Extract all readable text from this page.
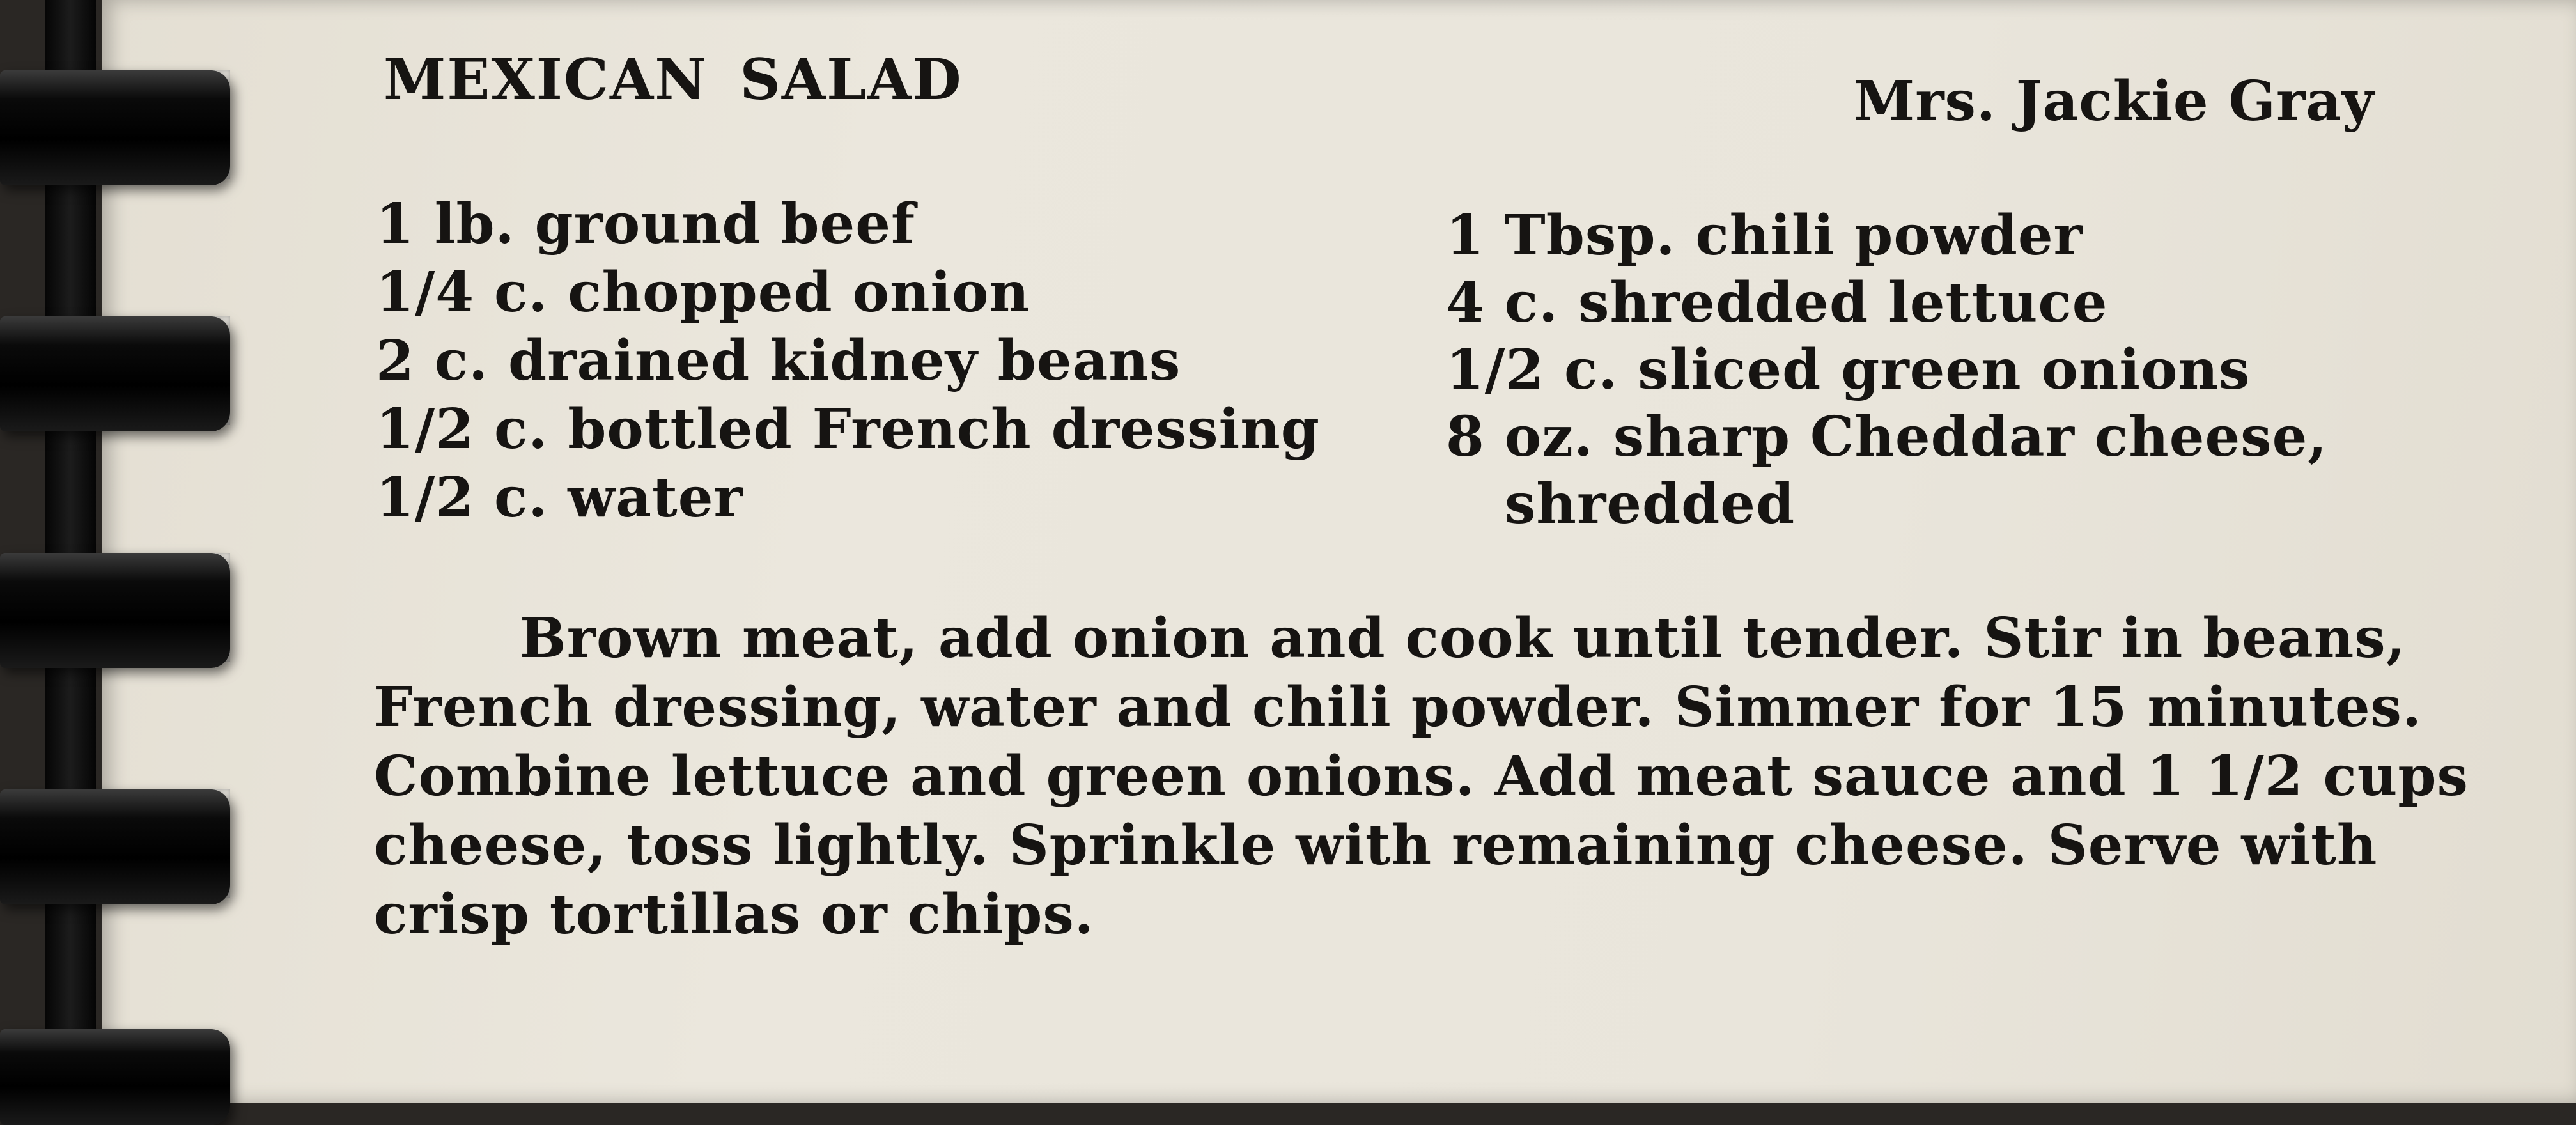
MEXICAN SALAD	Mrs. Jackie Gray
1 lb. ground beef
1/4 c. chopped onion
2 c. drained kidney beans
1/2 c. bottled French dressing
1/2 c. water
1 Tbsp. chili powder
4 c. shredded lettuce
1/2 c. sliced green onions
8 oz. sharp Cheddar cheese,
shredded
Brown meat, add onion and cook until tender. Stir in beans,
French dressing, water and chili powder. Simmer for 15 minutes.
Combine lettuce and green onions. Add meat sauce and 1 1/2 cups
cheese, toss lightly. Sprinkle with remaining cheese. Serve with
crisp tortillas or chips.
